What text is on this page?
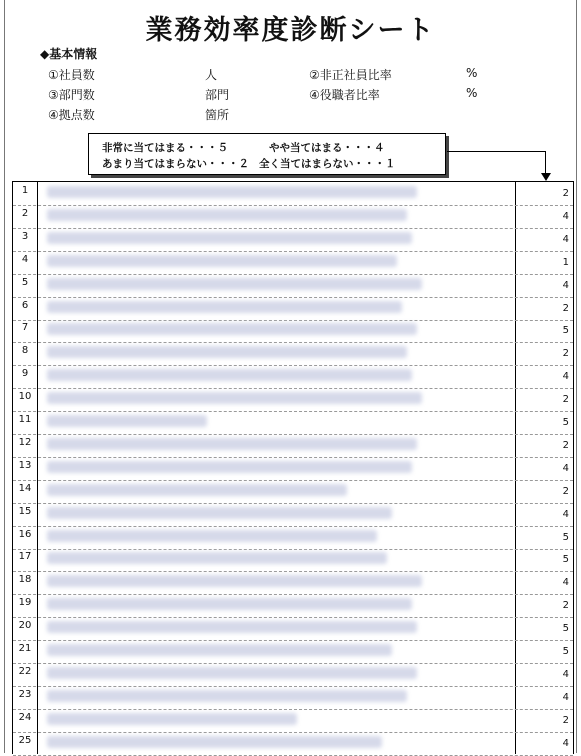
業務効率度診断シート
◆基本情報
①社員数	人	②非正社員比率	%
③部門数	部門	④役職者比率	%
④拠点数	箇所
非常に当てはまる・・・５	やや当てはまる・・・４
あまり当てはまらない・・・２ 全く当てはまらない・・・１
1	2
2	4
3	4
4	1
5	4
6	2
7	5
8	2
9	4
10	2
11	5
12	2
13	4
14	2
15	4
16	5
17	5
18	4
19	2
20	5
21	5
22	4
23	4
24	2
25	4
